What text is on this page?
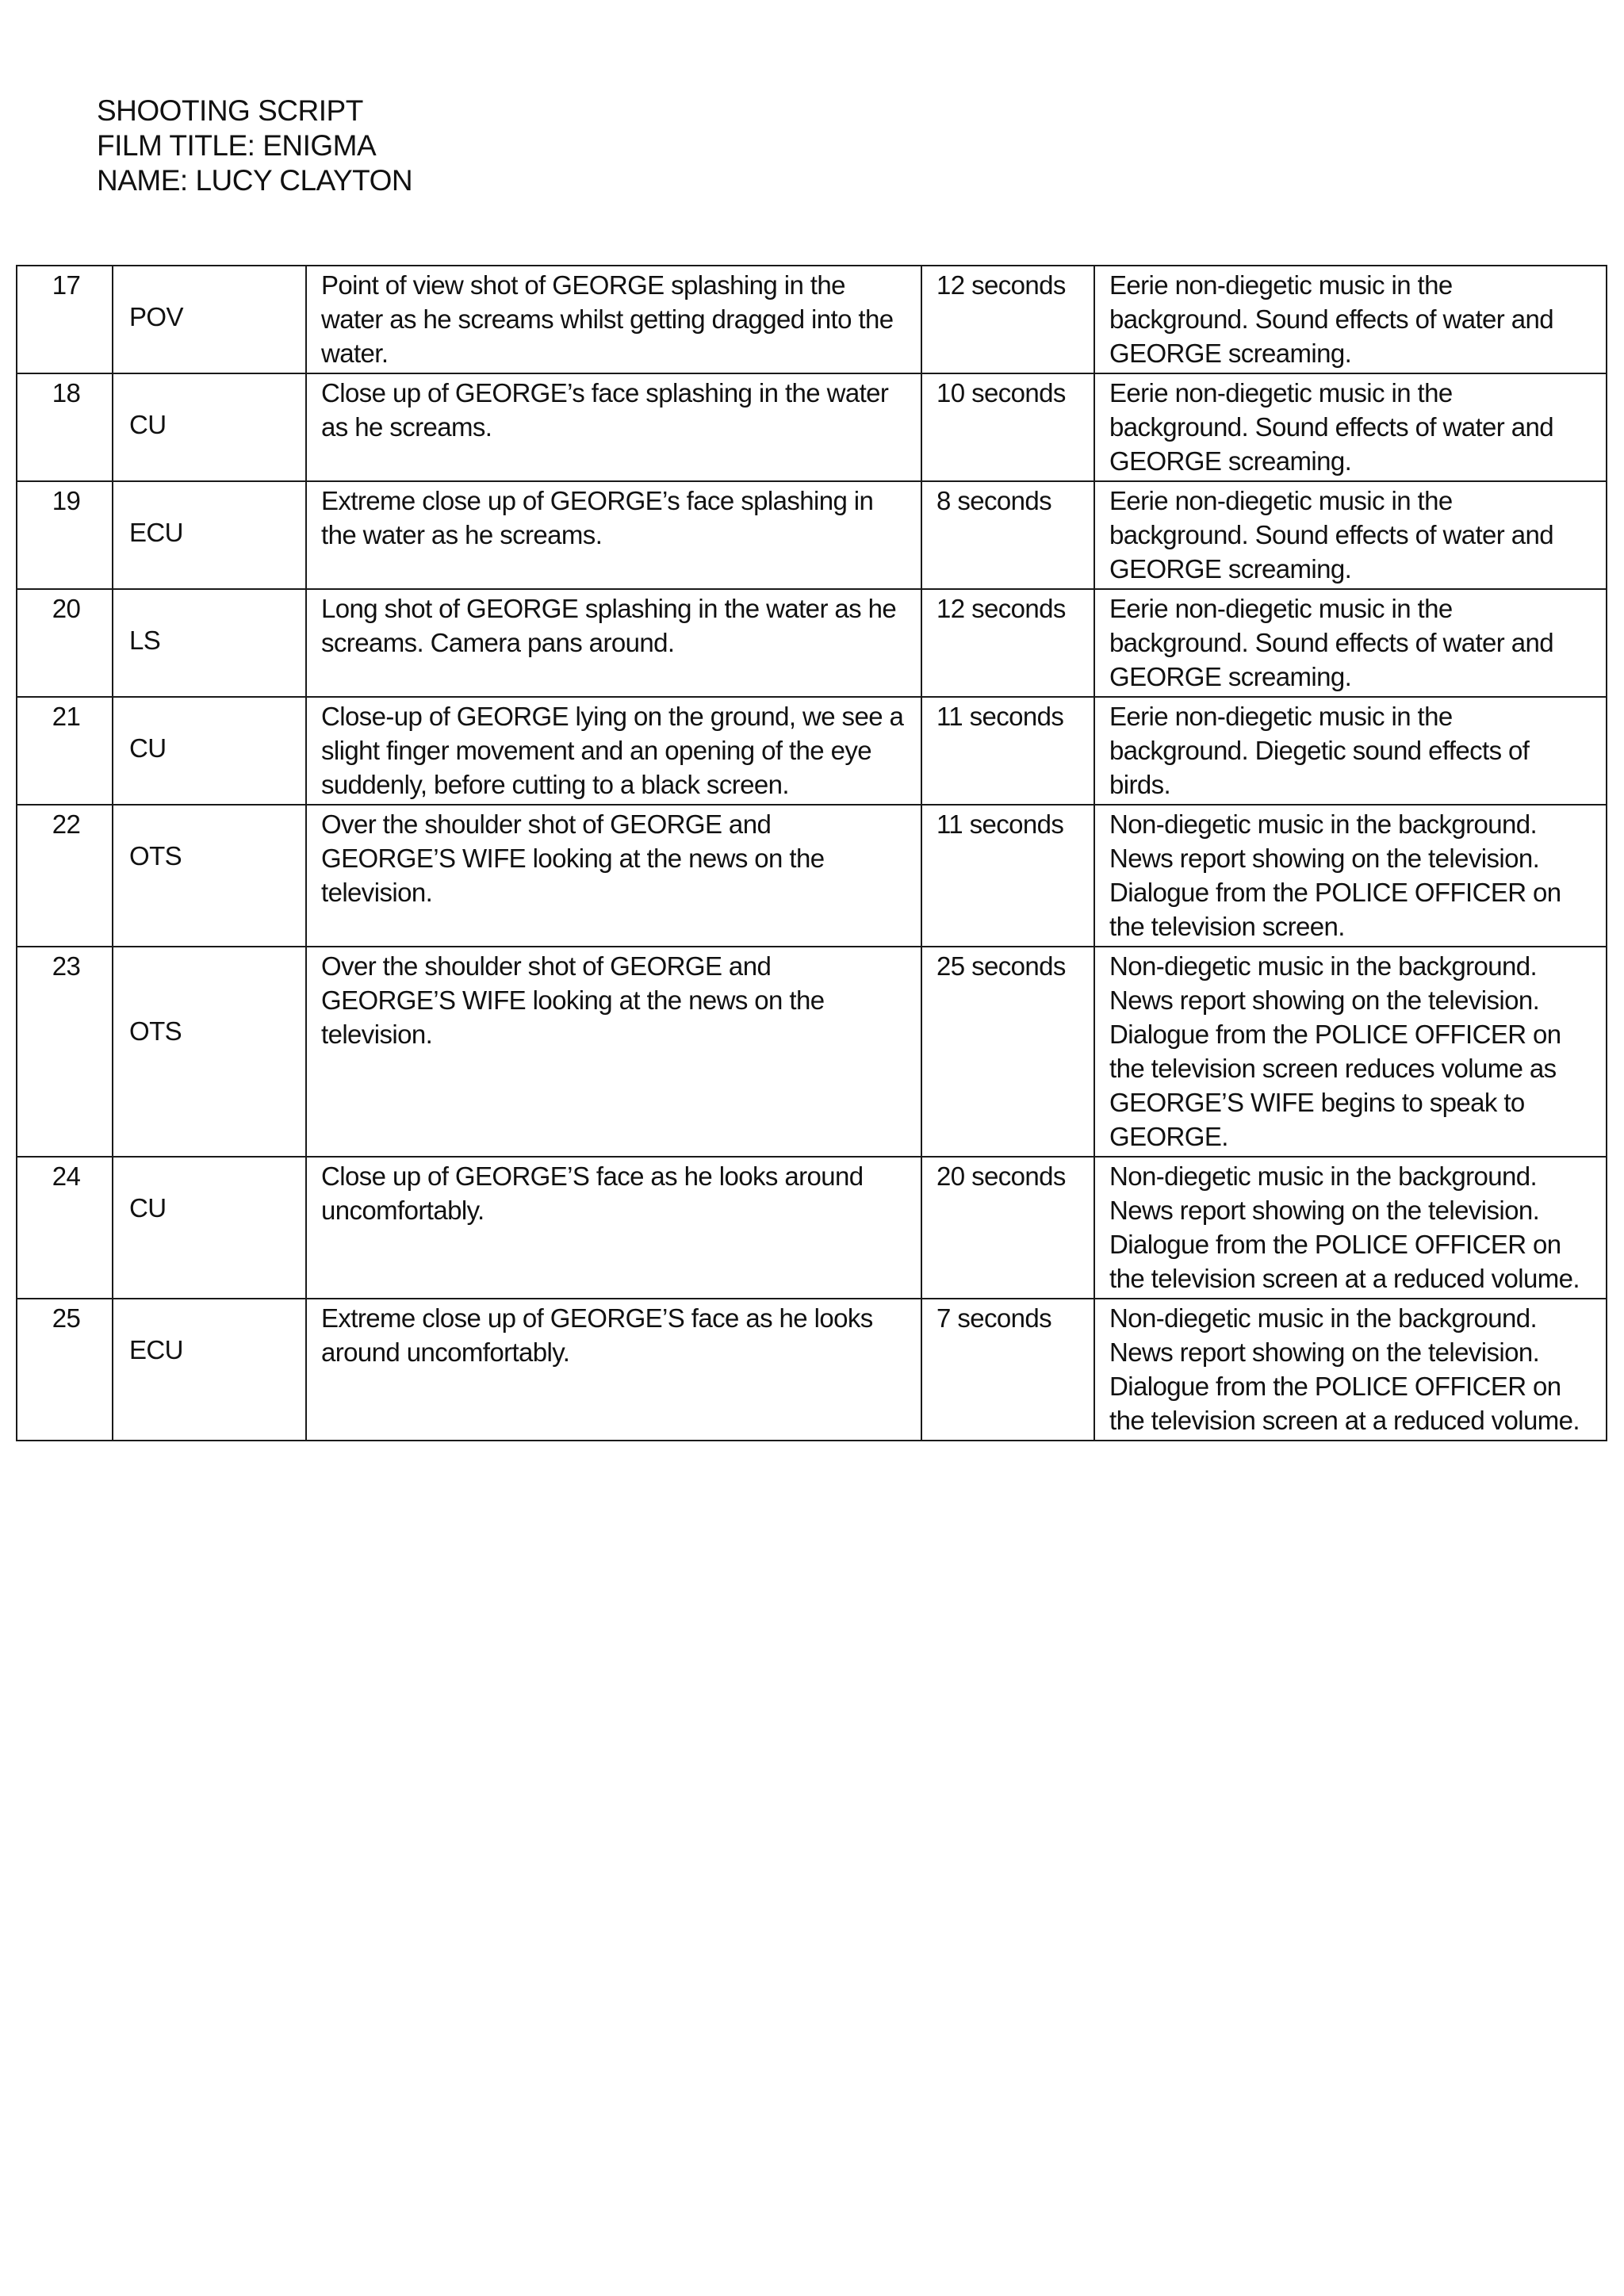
SHOOTING SCRIPT
FILM TITLE: ENIGMA
NAME: LUCY CLAYTON
17	POV	Point of view shot of GEORGE splashing in the water as he screams whilst getting dragged into the water.	12 seconds	Eerie non-diegetic music in the background. Sound effects of water and GEORGE screaming.
18	CU	Close up of GEORGE’s face splashing in the water as he screams.	10 seconds	Eerie non-diegetic music in the background. Sound effects of water and GEORGE screaming.
19	ECU	Extreme close up of GEORGE’s face splashing in the water as he screams.	8 seconds	Eerie non-diegetic music in the background. Sound effects of water and GEORGE screaming.
20	LS	Long shot of GEORGE splashing in the water as he screams. Camera pans around.	12 seconds	Eerie non-diegetic music in the background. Sound effects of water and GEORGE screaming.
21	CU	Close-up of GEORGE lying on the ground, we see a slight finger movement and an opening of the eye suddenly, before cutting to a black screen.	11 seconds	Eerie non-diegetic music in the background. Diegetic sound effects of birds.
22	OTS	Over the shoulder shot of GEORGE and GEORGE’S WIFE looking at the news on the television.	11 seconds	Non-diegetic music in the background. News report showing on the television. Dialogue from the POLICE OFFICER on the television screen.
23	OTS	Over the shoulder shot of GEORGE and GEORGE’S WIFE looking at the news on the television.	25 seconds	Non-diegetic music in the background. News report showing on the television. Dialogue from the POLICE OFFICER on the television screen reduces volume as GEORGE’S WIFE begins to speak to GEORGE.
24	CU	Close up of GEORGE’S face as he looks around uncomfortably.	20 seconds	Non-diegetic music in the background. News report showing on the television. Dialogue from the POLICE OFFICER on the television screen at a reduced volume.
25	ECU	Extreme close up of GEORGE’S face as he looks around uncomfortably.	7 seconds	Non-diegetic music in the background. News report showing on the television. Dialogue from the POLICE OFFICER on the television screen at a reduced volume.
